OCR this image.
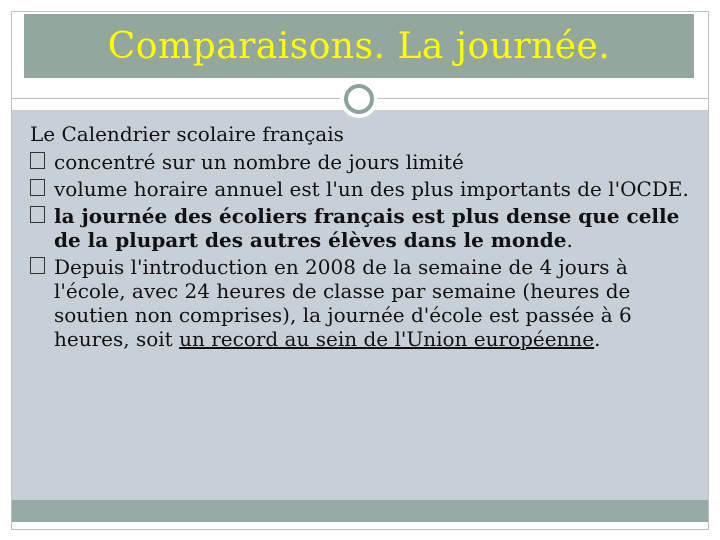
Comparaisons. La journée.

Le Calendrier scolaire français

concentré sur un nombre de jours limité

volume horaire annuel est l'un des plus importants de l'OCDE.

la journée des écoliers français est plus dense que celle de la plupart des autres élèves dans le monde.

Depuis l'introduction en 2008 de la semaine de 4 jours à l'école, avec 24 heures de classe par semaine (heures de soutien non comprises), la journée d'école est passée à 6 heures, soit un record au sein de l'Union européenne.
